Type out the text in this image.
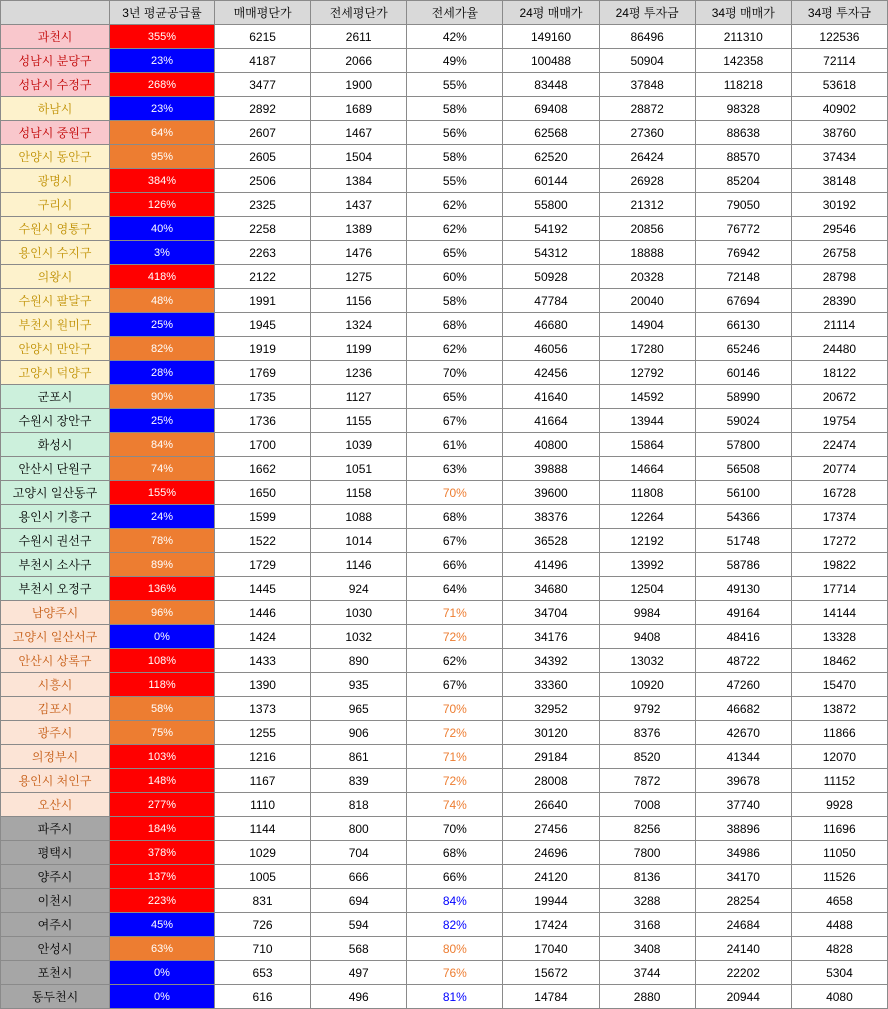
	3년 평균공급률	매매평단가	전세평단가	전세가율	24평 매매가	24평 투자금	34평 매매가	34평 투자금
과천시	355%	6215	2611	42%	149160	86496	211310	122536
성남시 분당구	23%	4187	2066	49%	100488	50904	142358	72114
성남시 수정구	268%	3477	1900	55%	83448	37848	118218	53618
하남시	23%	2892	1689	58%	69408	28872	98328	40902
성남시 중원구	64%	2607	1467	56%	62568	27360	88638	38760
안양시 동안구	95%	2605	1504	58%	62520	26424	88570	37434
광명시	384%	2506	1384	55%	60144	26928	85204	38148
구리시	126%	2325	1437	62%	55800	21312	79050	30192
수원시 영통구	40%	2258	1389	62%	54192	20856	76772	29546
용인시 수지구	3%	2263	1476	65%	54312	18888	76942	26758
의왕시	418%	2122	1275	60%	50928	20328	72148	28798
수원시 팔달구	48%	1991	1156	58%	47784	20040	67694	28390
부천시 원미구	25%	1945	1324	68%	46680	14904	66130	21114
안양시 만안구	82%	1919	1199	62%	46056	17280	65246	24480
고양시 덕양구	28%	1769	1236	70%	42456	12792	60146	18122
군포시	90%	1735	1127	65%	41640	14592	58990	20672
수원시 장안구	25%	1736	1155	67%	41664	13944	59024	19754
화성시	84%	1700	1039	61%	40800	15864	57800	22474
안산시 단원구	74%	1662	1051	63%	39888	14664	56508	20774
고양시 일산동구	155%	1650	1158	70%	39600	11808	56100	16728
용인시 기흥구	24%	1599	1088	68%	38376	12264	54366	17374
수원시 권선구	78%	1522	1014	67%	36528	12192	51748	17272
부천시 소사구	89%	1729	1146	66%	41496	13992	58786	19822
부천시 오정구	136%	1445	924	64%	34680	12504	49130	17714
남양주시	96%	1446	1030	71%	34704	9984	49164	14144
고양시 일산서구	0%	1424	1032	72%	34176	9408	48416	13328
안산시 상록구	108%	1433	890	62%	34392	13032	48722	18462
시흥시	118%	1390	935	67%	33360	10920	47260	15470
김포시	58%	1373	965	70%	32952	9792	46682	13872
광주시	75%	1255	906	72%	30120	8376	42670	11866
의정부시	103%	1216	861	71%	29184	8520	41344	12070
용인시 처인구	148%	1167	839	72%	28008	7872	39678	11152
오산시	277%	1110	818	74%	26640	7008	37740	9928
파주시	184%	1144	800	70%	27456	8256	38896	11696
평택시	378%	1029	704	68%	24696	7800	34986	11050
양주시	137%	1005	666	66%	24120	8136	34170	11526
이천시	223%	831	694	84%	19944	3288	28254	4658
여주시	45%	726	594	82%	17424	3168	24684	4488
안성시	63%	710	568	80%	17040	3408	24140	4828
포천시	0%	653	497	76%	15672	3744	22202	5304
동두천시	0%	616	496	81%	14784	2880	20944	4080
